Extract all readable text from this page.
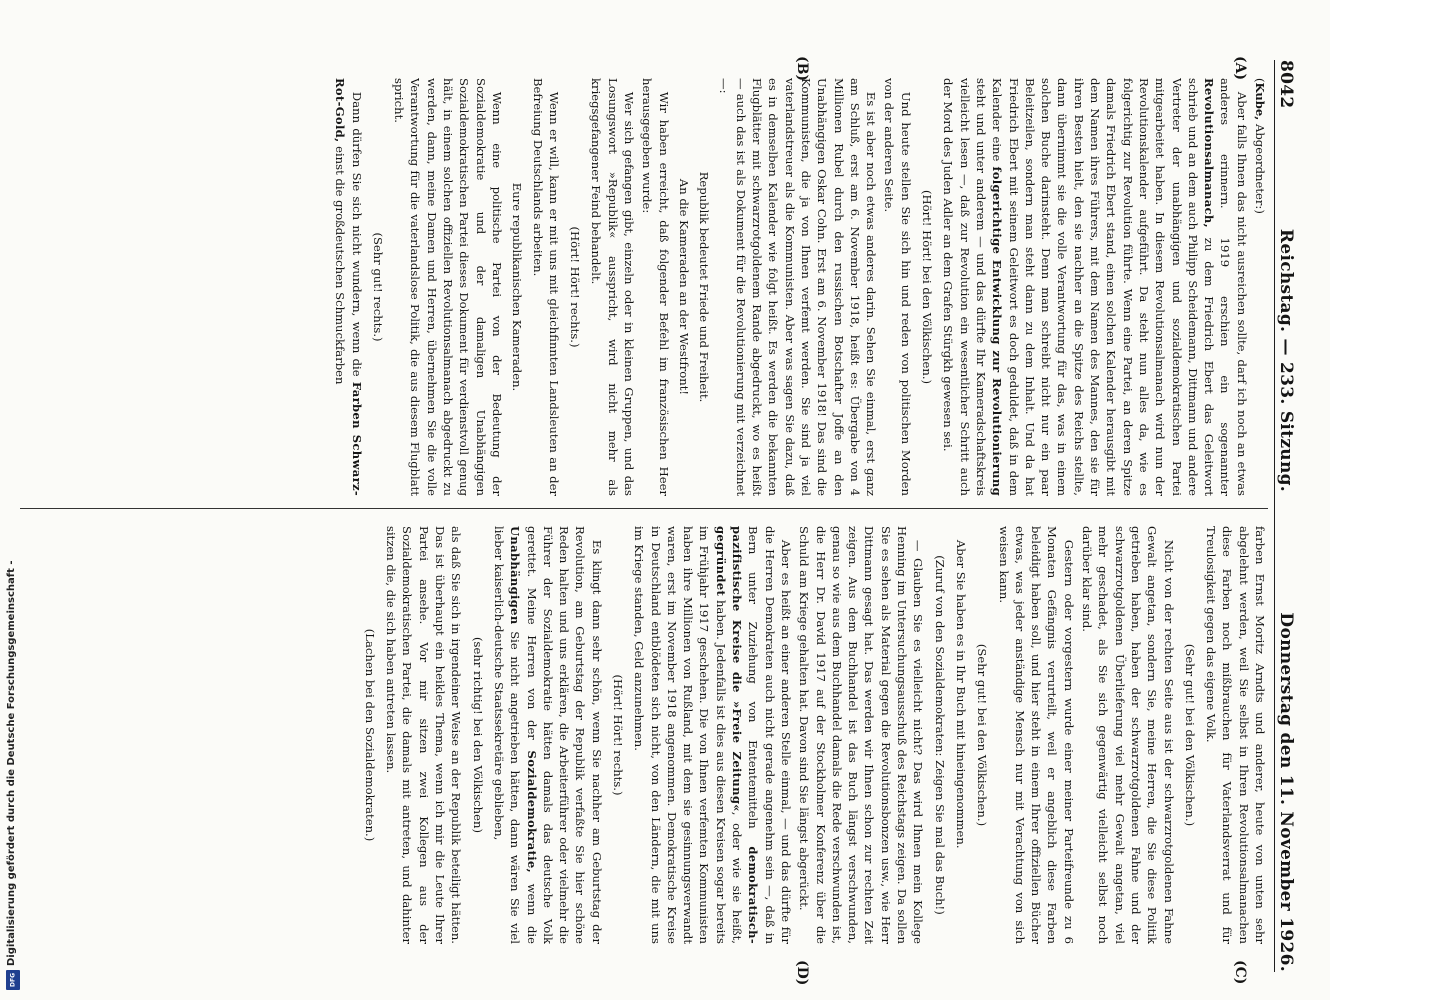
8042
Reichstag. — 233. Sitzung.
Donnerstag den 11. November 1926.
(A)
(B)
(C)
(D)

(Kube, Abgeordneter:)

Aber falls Ihnen das nicht ausreichen sollte, darf ich noch an etwas anderes erinnern. 1919 erschien ein sogenannter Revolutionsalmanach, zu dem Friedrich Ebert das Geleitwort schrieb und an dem auch Philipp Scheidemann, Dittmann und andere Vertreter der unabhängigen und sozialdemokratischen Partei mitgearbeitet haben. In diesem Revolutionsalmanach wird nun der Revolutionskalender aufgeführt. Da steht nun alles da, wie es folgerichtig zur Revolution führte. Wenn eine Partei, an deren Spitze damals Friedrich Ebert stand, einen solchen Kalender herausgibt mit dem Namen ihres Führers, mit dem Namen des Mannes, den sie für ihren Besten hielt, den sie nachher an die Spitze des Reichs stellte, dann übernimmt sie die volle Verantwortung für das, was in einem solchen Buche darinsteht. Denn man schreibt nicht nur ein paar Beleitzeilen, sondern man steht dann zu dem Inhalt. Und da hat Friedrich Ebert mit seinem Geleitwort es doch geduldet, daß in dem Kalender eine folgerichtige Entwicklung zur Revolutionierung steht und unter anderem — und das dürfte Ihr Kameradschaftskreis vielleicht lesen —, daß zur Revolution ein wesentlicher Schritt auch der Mord des Juden Adler an dem Grafen Stürgkh gewesen sei.

(Hört! Hört! bei den Völkischen.)

Und heute stellen Sie sich hin und reden von politischen Morden von der anderen Seite.

Es ist aber noch etwas anderes darin. Sehen Sie einmal, erst ganz am Schluß, erst am 6. November 1918, heißt es: Übergabe von 4 Millionen Rubel durch den russischen Botschafter Joffe an den Unabhängigen Oskar Cohn. Erst am 6. November 1918! Das sind die Kommunisten, die ja von Ihnen verfemt werden. Sie sind ja viel vaterlandstreuer als die Kommunisten. Aber was sagen Sie dazu, daß es in demselben Kalender wie folgt heißt. Es werden die bekannten Flugblätter mit schwarzrotgoldenem Rande abgedruckt, wo es heißt — auch das ist als Dokument für die Revolutionierung mit verzeichnet —:

Republik bedeutet Friede und Freiheit.

An die Kameraden an der Westfront!

Wir haben erreicht, daß folgender Befehl im französischen Heer herausgegeben wurde:

Wer sich gefangen gibt, einzeln oder in kleinen Gruppen, und das Losungswort »Republik« ausspricht, wird nicht mehr als kriegsgefangener Feind behandelt.

(Hört! Hört! rechts.)

Wenn er will, kann er mit uns mit gleichfinnten Landsleuten an der Befreiung Deutschlands arbeiten.

Eure republikanischen Kameraden.

Wenn eine politische Partei von der Bedeutung der Sozialdemokratie und der damaligen Unabhängigen Sozialdemokratischen Partei dieses Dokument für verdienstvoll genug hält, in einem solchen offiziellen Revolutionsalmanach abgedruckt zu werden, dann, meine Damen und Herren, übernehmen Sie die volle Verantwortung für die vaterlandslose Politik, die aus diesem Flugblatt spricht.

(Sehr gut! rechts.)

Dann dürfen Sie sich nicht wundern, wenn die Farben Schwarz-Rot-Gold, einst die großdeutschen Schmuckfarben

farben Ernst Moritz Arndts und anderer, heute von unten sehr abgelehnt werden, weil Sie selbst in Ihren Revolutionsalmanachen diese Farben noch mißbrauchen für Vaterlandsverrat und für Treulosigkeit gegen das eigene Volk.

(Sehr gut! bei den Völkischen.)

Nicht von der rechten Seite aus ist der schwarzrotgoldenen Fahne Gewalt angetan, sondern Sie, meine Herren, die Sie diese Politik getrieben haben, haben der schwarzrotgoldenen Fahne und der schwarzrotgoldenen Überlieferung viel mehr Gewalt angetan, viel mehr geschadet, als Sie sich gegenwärtig vielleicht selbst noch darüber klar sind.

Gestern oder vorgestern wurde einer meiner Parteifreunde zu 6 Monaten Gefängnis verurteilt, weil er angeblich diese Farben beleidigt haben soll, und hier steht in einem Ihrer offiziellen Bücher etwas, was jeder anständige Mensch nur mit Verachtung von sich weisen kann.

(Sehr gut! bei den Völkischen.)

Aber Sie haben es in Ihr Buch mit hineingenommen.

(Zuruf von den Sozialdemokraten: Zeigen Sie mal das Buch!)

— Glauben Sie es vielleicht nicht? Das wird Ihnen mein Kollege Henning im Untersuchungsausschuß des Reichstags zeigen. Da sollen Sie es sehen als Material gegen die Revolutionsbonzen usw., wie Herr Dittmann gesagt hat. Das werden wir Ihnen schon zur rechten Zeit zeigen. Aus dem Buchhandel ist das Buch längst verschwunden, genau so wie aus dem Buchhandel damals die Rede verschwunden ist, die Herr Dr. David 1917 auf der Stockholmer Konferenz über die Schuld am Kriege gehalten hat. Davon sind Sie längst abgerückt.

Aber es heißt an einer anderen Stelle einmal, — und das dürfte für die Herren Demokraten auch nicht gerade angenehm sein —, daß in Bern unter Zuziehung von Ententemitteln demokratisch-pazifistische Kreise die »Freie Zeitung«, oder wie sie heißt, gegründet haben. Jedenfalls ist dies aus diesen Kreisen sogar bereits im Frühjahr 1917 geschehen. Die von Ihnen verfemten Kommunisten haben ihre Millionen von Rußland, mit dem sie gesinnungsverwandt waren, erst im November 1918 angenommen. Demokratische Kreise in Deutschland entblödeten sich nicht, von den Ländern, die mit uns im Kriege standen, Geld anzunehmen.

(Hört! Hört! rechts.)

Es klingt dann sehr schön, wenn Sie nachher am Geburtstag der Revolution, am Geburtstag der Republik verfaßte Sie hier schöne Reden halten und uns erklären, die Arbeiterführer oder vielmehr die Führer der Sozialdemokratie hätten damals das deutsche Volk gerettet. Meine Herren von der Sozialdemokratie, wenn die Unabhängigen Sie nicht angetrieben hätten, dann wären Sie viel lieber kaiserlich-deutsche Staatssekretäre geblieben,

(sehr richtig! bei den Völkischen)

als daß Sie sich in irgendeiner Weise an der Republik beteiligt hätten. Das ist überhaupt ein heikles Thema, wenn ich mir die Leute Ihrer Partei ansehe. Vor mir sitzen zwei Kollegen aus der Sozialdemokratischen Partei, die damals mit antreten, und dahinter sitzen die, die sich haben antreten lassen.

(Lachen bei den Sozialdemokraten.)

Digitalisierung gefördert durch die Deutsche Forschungsgemeinschaft -
DFG
